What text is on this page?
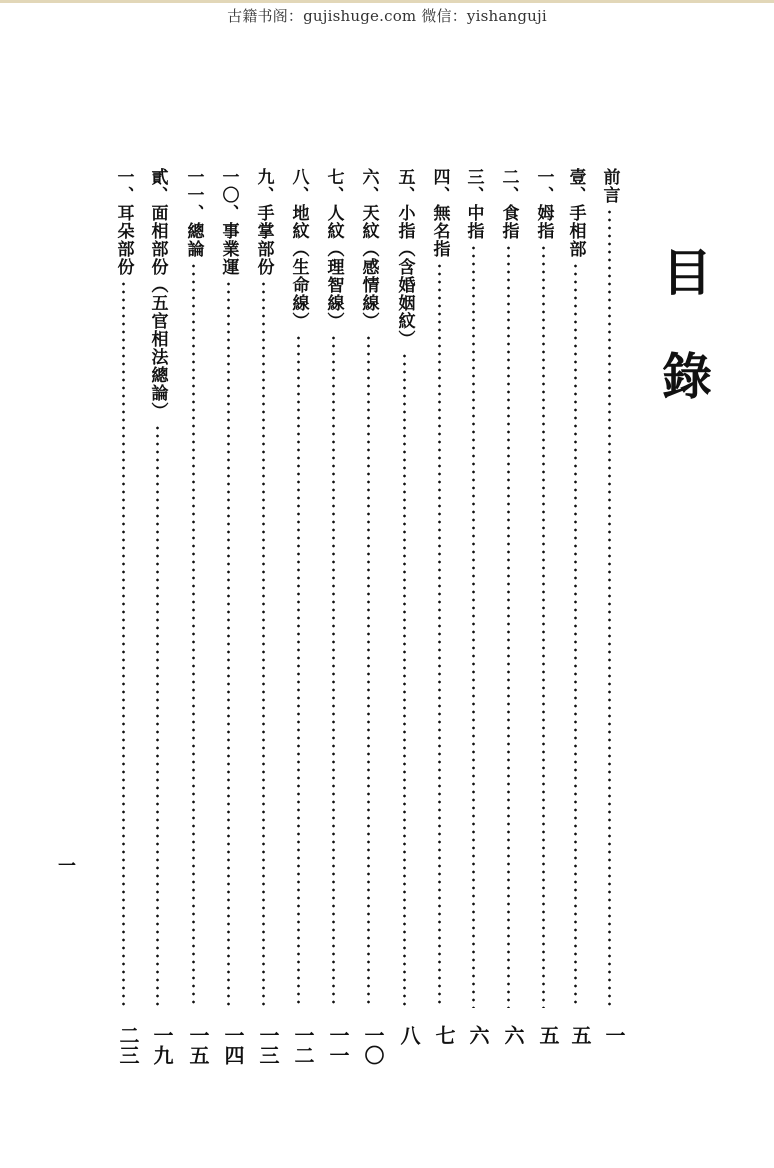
古籍书阁：gujishuge.com 微信：yishanguji
目
錄
一
前言
壹、手相部
一、姆指
二、食指
三、中指
四、無名指
五、小指（含婚姻紋）
六、天紋（感情線）
七、人紋（理智線）
八、地紋（生命線）
九、手掌部份
一〇、事業運
一一、總論
貳、面相部份（五官相法總論）
一、耳朵部份
一
五
五
六
六
七
八
一〇
一一
一二
一三
一四
一五
一九
二三
